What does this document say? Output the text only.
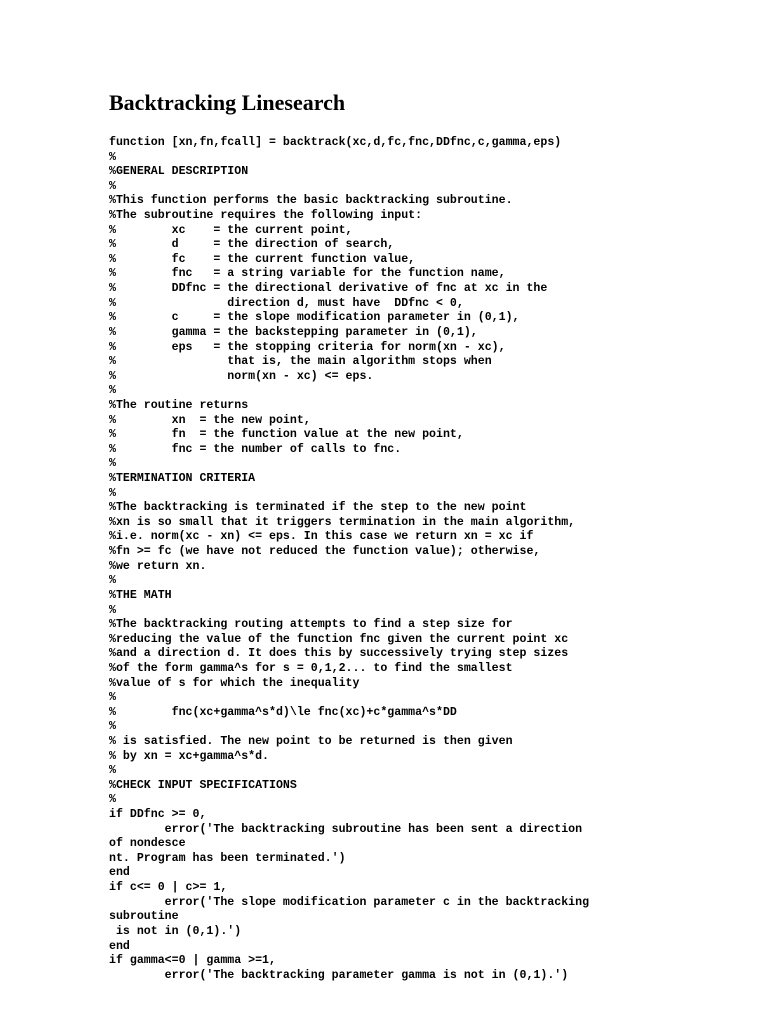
Backtracking Linesearch
function [xn,fn,fcall] = backtrack(xc,d,fc,fnc,DDfnc,c,gamma,eps)
%
%GENERAL DESCRIPTION
%
%This function performs the basic backtracking subroutine.
%The subroutine requires the following input:
%        xc    = the current point,
%        d     = the direction of search,
%        fc    = the current function value,
%        fnc   = a string variable for the function name,
%        DDfnc = the directional derivative of fnc at xc in the
%                direction d, must have  DDfnc < 0,
%        c     = the slope modification parameter in (0,1),
%        gamma = the backstepping parameter in (0,1),
%        eps   = the stopping criteria for norm(xn - xc),
%                that is, the main algorithm stops when
%                norm(xn - xc) <= eps.
%
%The routine returns
%        xn  = the new point,
%        fn  = the function value at the new point,
%        fnc = the number of calls to fnc.
%
%TERMINATION CRITERIA
%
%The backtracking is terminated if the step to the new point
%xn is so small that it triggers termination in the main algorithm,
%i.e. norm(xc - xn) <= eps. In this case we return xn = xc if
%fn >= fc (we have not reduced the function value); otherwise,
%we return xn.
%
%THE MATH
%
%The backtracking routing attempts to find a step size for
%reducing the value of the function fnc given the current point xc
%and a direction d. It does this by successively trying step sizes
%of the form gamma^s for s = 0,1,2... to find the smallest
%value of s for which the inequality
%
%        fnc(xc+gamma^s*d)\le fnc(xc)+c*gamma^s*DD
%
% is satisfied. The new point to be returned is then given
% by xn = xc+gamma^s*d.
%
%CHECK INPUT SPECIFICATIONS
%
if DDfnc >= 0,
error('The backtracking subroutine has been sent a direction
of nondesce
nt. Program has been terminated.')
end
if c<= 0 | c>= 1,
error('The slope modification parameter c in the backtracking
subroutine
is not in (0,1).')
end
if gamma<=0 | gamma >=1,
error('The backtracking parameter gamma is not in (0,1).')
